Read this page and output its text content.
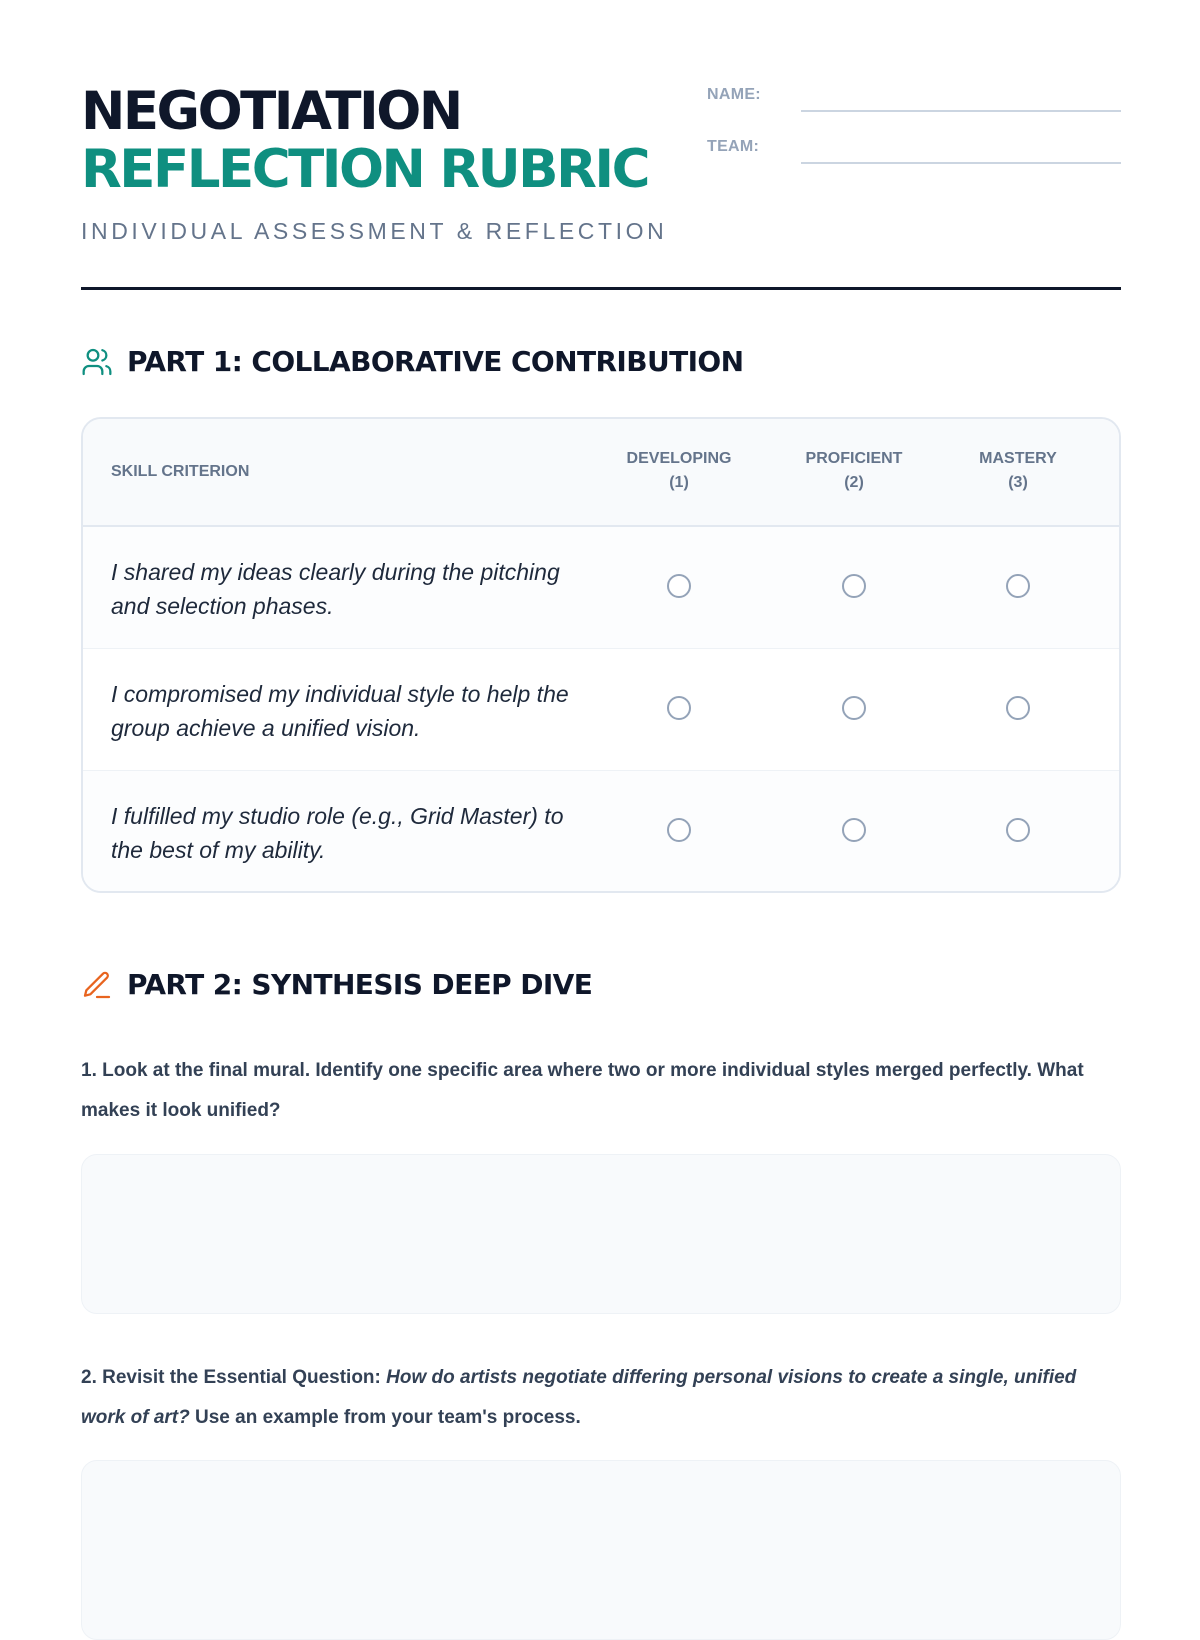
NEGOTIATION
REFLECTION RUBRIC

INDIVIDUAL ASSESSMENT & REFLECTION

NAME:
TEAM:
PART 1: COLLABORATIVE CONTRIBUTION
SKILL CRITERION
DEVELOPING
(1)
PROFICIENT
(2)
MASTERY
(3)

I shared my ideas clearly during the pitching and selection phases.

I compromised my individual style to help the group achieve a unified vision.

I fulfilled my studio role (e.g., Grid Master) to the best of my ability.

PART 2: SYNTHESIS DEEP DIVE

1. Look at the final mural. Identify one specific area where two or more individual styles merged perfectly. What makes it look unified?

2. Revisit the Essential Question: How do artists negotiate differing personal visions to create a single, unified work of art? Use an example from your team's process.
